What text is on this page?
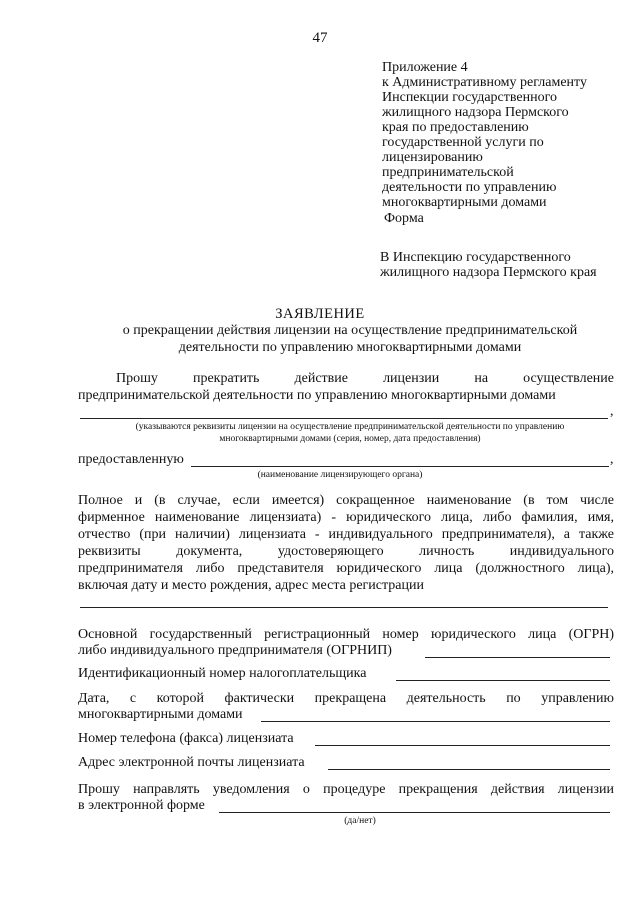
47
Приложение 4
к Административному регламенту
Инспекции государственного
жилищного надзора Пермского
края по предоставлению
государственной услуги по
лицензированию
предпринимательской
деятельности по управлению
многоквартирными домами
Форма
В Инспекцию государственного
жилищного надзора Пермского края
ЗАЯВЛЕНИЕ
о прекращении действия лицензии на осуществление предпринимательской
деятельности по управлению многоквартирными домами
Прошу прекратить действие лицензии на осуществление
предпринимательской деятельности по управлению многоквартирными домами
,
(указываются реквизиты лицензии на осуществление предпринимательской деятельности по управлению
многоквартирными домами (серия, номер, дата предоставления)
предоставленную	,
(наименование лицензирующего органа)
Полное и (в случае, если имеется) сокращенное наименование (в том числе
фирменное наименование лицензиата) - юридического лица, либо фамилия, имя,
отчество (при наличии) лицензиата - индивидуального предпринимателя), а также
реквизиты документа, удостоверяющего личность индивидуального
предпринимателя либо представителя юридического лица (должностного лица),
включая дату и место рождения, адрес места регистрации
Основной государственный регистрационный номер юридического лица (ОГРН)
либо индивидуального предпринимателя (ОГРНИП)
Идентификационный номер налогоплательщика
Дата, с которой фактически прекращена деятельность по управлению
многоквартирными домами
Номер телефона (факса) лицензиата
Адрес электронной почты лицензиата
Прошу направлять уведомления о процедуре прекращения действия лицензии
в электронной форме
(да/нет)
